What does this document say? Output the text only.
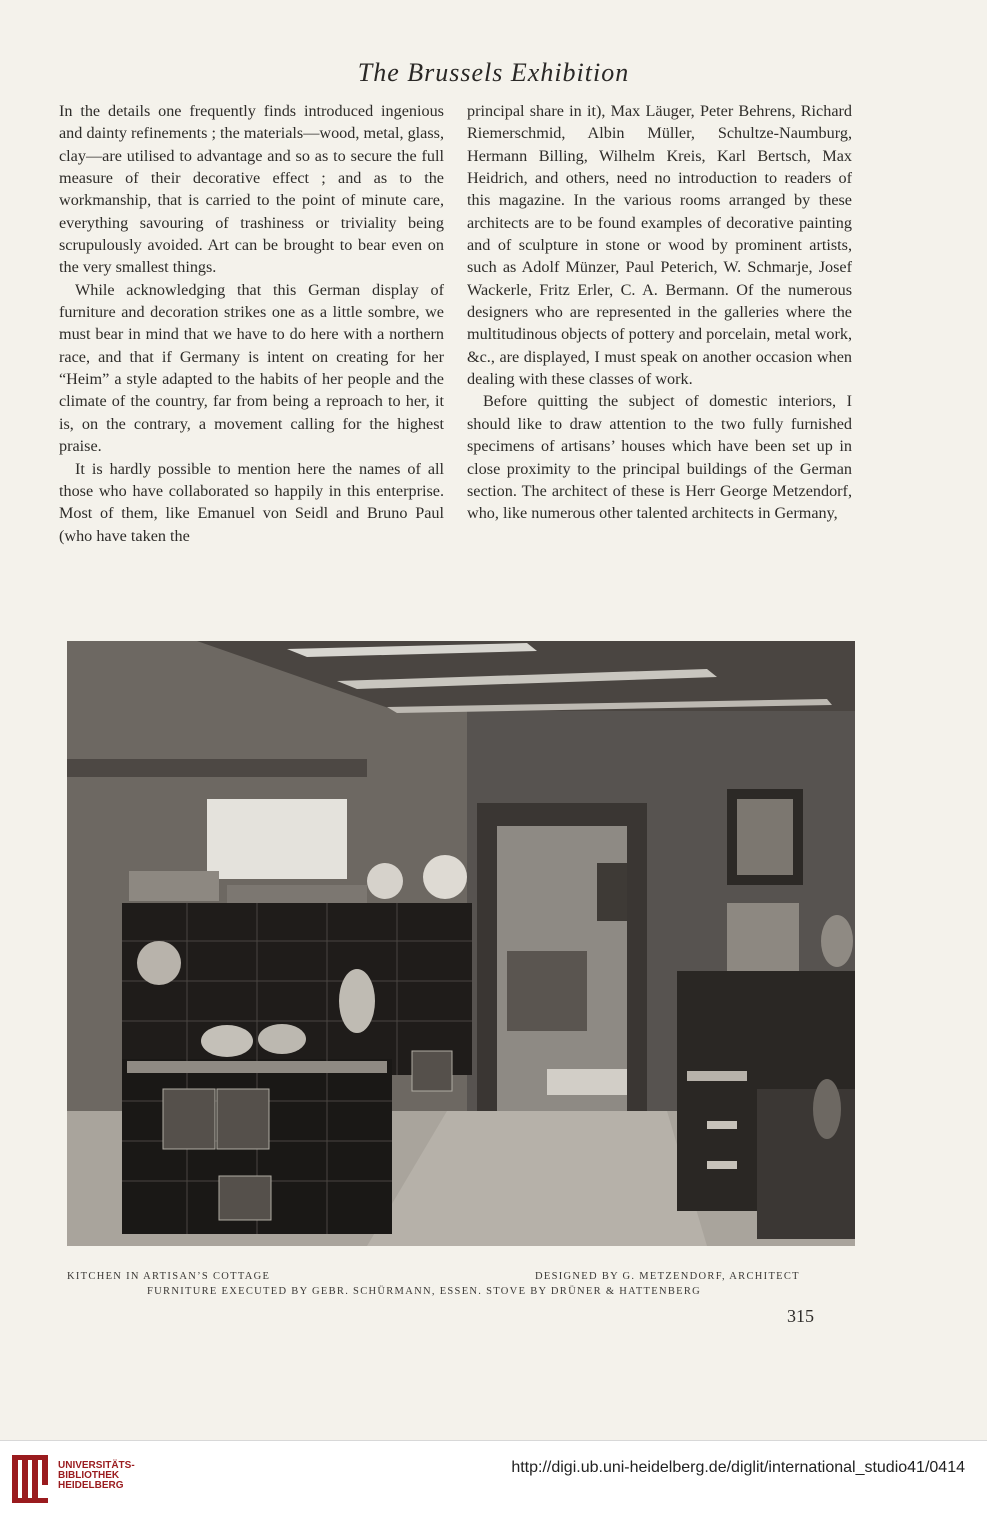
The Brussels Exhibition

In the details one frequently finds introduced ingenious and dainty refinements ; the materials—wood, metal, glass, clay—are utilised to advantage and so as to secure the full measure of their decorative effect ; and as to the workmanship, that is carried to the point of minute care, everything savouring of trashiness or triviality being scrupulously avoided. Art can be brought to bear even on the very smallest things.

While acknowledging that this German display of furniture and decoration strikes one as a little sombre, we must bear in mind that we have to do here with a northern race, and that if Germany is intent on creating for her “Heim” a style adapted to the habits of her people and the climate of the country, far from being a reproach to her, it is, on the contrary, a movement calling for the highest praise.

It is hardly possible to mention here the names of all those who have collaborated so happily in this enterprise. Most of them, like Emanuel von Seidl and Bruno Paul (who have taken the

principal share in it), Max Läuger, Peter Behrens, Richard Riemerschmid, Albin Müller, Schultze-Naumburg, Hermann Billing, Wilhelm Kreis, Karl Bertsch, Max Heidrich, and others, need no introduction to readers of this magazine. In the various rooms arranged by these architects are to be found examples of decorative painting and of sculpture in stone or wood by prominent artists, such as Adolf Münzer, Paul Peterich, W. Schmarje, Josef Wackerle, Fritz Erler, C. A. Bermann. Of the numerous designers who are represented in the galleries where the multitudinous objects of pottery and porcelain, metal work, &c., are displayed, I must speak on another occasion when dealing with these classes of work.

Before quitting the subject of domestic interiors, I should like to draw attention to the two fully furnished specimens of artisans’ houses which have been set up in close proximity to the principal buildings of the German section. The architect of these is Herr George Metzendorf, who, like numerous other talented architects in Germany,

KITCHEN IN ARTISAN’S COTTAGE	DESIGNED BY G. METZENDORF, ARCHITECT
FURNITURE EXECUTED BY GEBR. SCHÜRMANN, ESSEN. STOVE BY DRÜNER & HATTENBERG
315
UNIVERSITÄTS-
BIBLIOTHEK
HEIDELBERG
http://digi.ub.uni-heidelberg.de/diglit/international_studio41/0414
